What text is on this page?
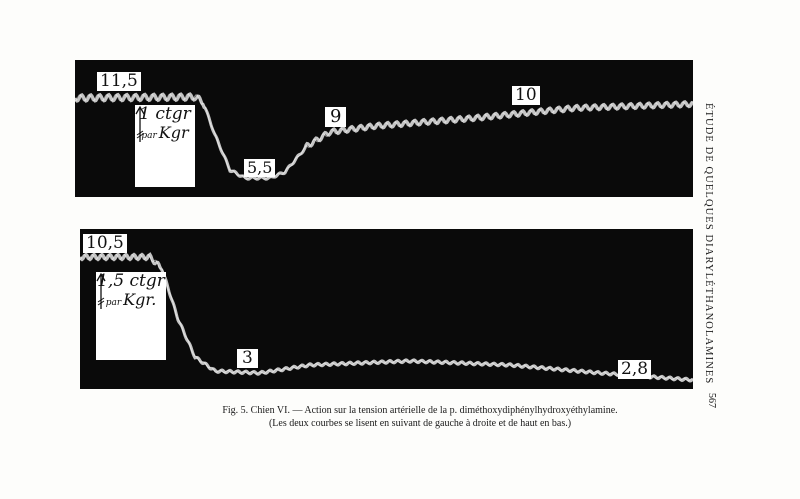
11,5
5,5
9
10
1 ctgr
par Kgr
10,5
3
2,8
1,5 ctgr
par Kgr.
Fig. 5. Chien VI. — Action sur la tension artérielle de la p. diméthoxydiphénylhydroxyéthylamine.
(Les deux courbes se lisent en suivant de gauche à droite et de haut en bas.)
ÉTUDE DE QUELQUES DIARYLÉTHANOLAMINES
567
